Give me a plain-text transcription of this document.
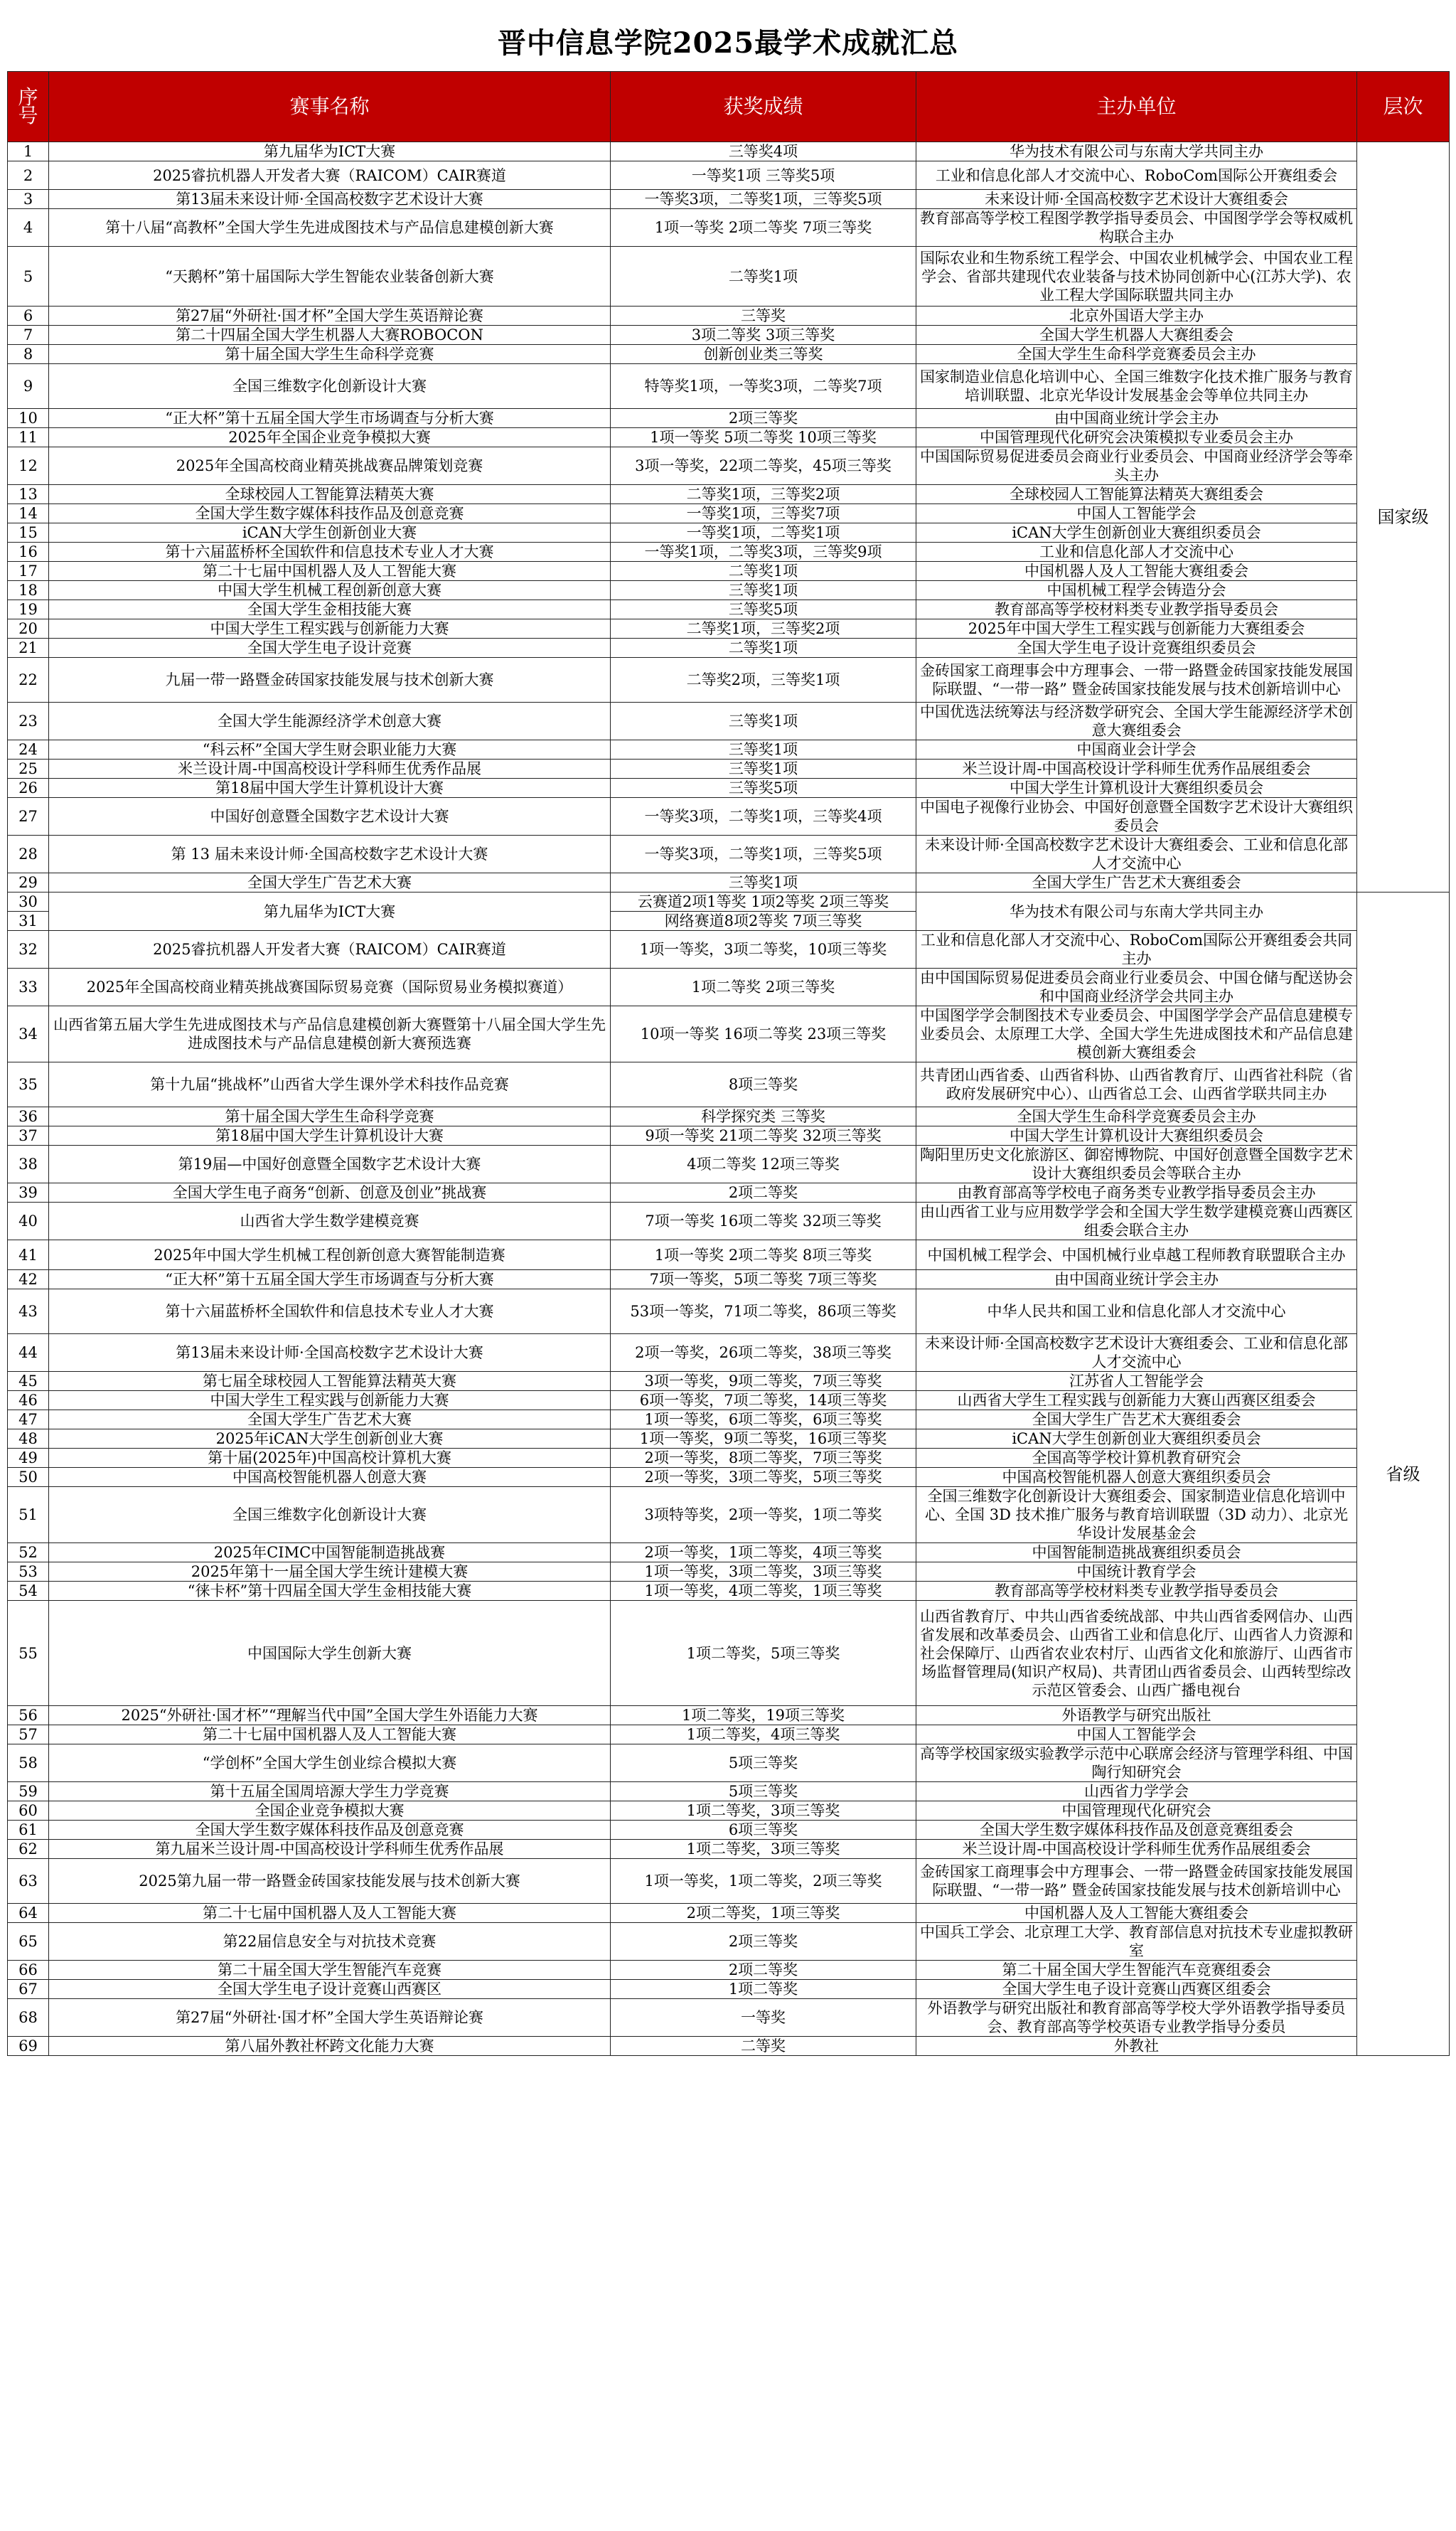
晋中信息学院2025最学术成就汇总
序号	赛事名称	获奖成绩	主办单位	层次
1	第九届华为ICT大赛	三等奖4项	华为技术有限公司与东南大学共同主办	国家级
2	2025睿抗机器人开发者大赛（RAICOM）CAIR赛道	一等奖1项 三等奖5项	工业和信息化部人才交流中心、RoboCom国际公开赛组委会	
3	第13届未来设计师·全国高校数字艺术设计大赛	一等奖3项，二等奖1项，三等奖5项	未来设计师·全国高校数字艺术设计大赛组委会	
4	第十八届“高教杯”全国大学生先进成图技术与产品信息建模创新大赛	1项一等奖 2项二等奖 7项三等奖	教育部高等学校工程图学教学指导委员会、中国图学学会等权威机构联合主办	
5	“天鹅杯”第十届国际大学生智能农业装备创新大赛	二等奖1项	国际农业和生物系统工程学会、中国农业机械学会、中国农业工程学会、省部共建现代农业装备与技术协同创新中心(江苏大学)、农业工程大学国际联盟共同主办	
6	第27届“外研社·国才杯”全国大学生英语辩论赛	三等奖	北京外国语大学主办	
7	第二十四届全国大学生机器人大赛ROBOCON	3项二等奖 3项三等奖	全国大学生机器人大赛组委会	
8	第十届全国大学生生命科学竞赛	创新创业类三等奖	全国大学生生命科学竞赛委员会主办	
9	全国三维数字化创新设计大赛	特等奖1项，一等奖3项，二等奖7项	国家制造业信息化培训中心、全国三维数字化技术推广服务与教育培训联盟、北京光华设计发展基金会等单位共同主办	
10	“正大杯”第十五届全国大学生市场调查与分析大赛	2项三等奖	由中国商业统计学会主办	
11	2025年全国企业竞争模拟大赛	1项一等奖 5项二等奖 10项三等奖	中国管理现代化研究会决策模拟专业委员会主办	
12	2025年全国高校商业精英挑战赛品牌策划竞赛	3项一等奖，22项二等奖，45项三等奖	中国国际贸易促进委员会商业行业委员会、中国商业经济学会等牵头主办	
13	全球校园人工智能算法精英大赛	二等奖1项，三等奖2项	全球校园人工智能算法精英大赛组委会	
14	全国大学生数字媒体科技作品及创意竞赛	一等奖1项，三等奖7项	中国人工智能学会	
15	iCAN大学生创新创业大赛	一等奖1项，二等奖1项	iCAN大学生创新创业大赛组织委员会	
16	第十六届蓝桥杯全国软件和信息技术专业人才大赛	一等奖1项，二等奖3项，三等奖9项	工业和信息化部人才交流中心	
17	第二十七届中国机器人及人工智能大赛	二等奖1项	中国机器人及人工智能大赛组委会	
18	中国大学生机械工程创新创意大赛	三等奖1项	中国机械工程学会铸造分会	
19	全国大学生金相技能大赛	三等奖5项	教育部高等学校材料类专业教学指导委员会	
20	中国大学生工程实践与创新能力大赛	二等奖1项，三等奖2项	2025年中国大学生工程实践与创新能力大赛组委会	
21	全国大学生电子设计竞赛	二等奖1项	全国大学生电子设计竞赛组织委员会	
22	九届一带一路暨金砖国家技能发展与技术创新大赛	二等奖2项，三等奖1项	金砖国家工商理事会中方理事会、一带一路暨金砖国家技能发展国际联盟、“一带一路” 暨金砖国家技能发展与技术创新培训中心	
23	全国大学生能源经济学术创意大赛	三等奖1项	中国优选法统筹法与经济数学研究会、全国大学生能源经济学术创意大赛组委会	
24	“科云杯”全国大学生财会职业能力大赛	三等奖1项	中国商业会计学会	
25	米兰设计周-中国高校设计学科师生优秀作品展	三等奖1项	米兰设计周-中国高校设计学科师生优秀作品展组委会	
26	第18届中国大学生计算机设计大赛	三等奖5项	中国大学生计算机设计大赛组织委员会	
27	中国好创意暨全国数字艺术设计大赛	一等奖3项，二等奖1项，三等奖4项	中国电子视像行业协会、中国好创意暨全国数字艺术设计大赛组织委员会	
28	第 13 届未来设计师·全国高校数字艺术设计大赛	一等奖3项，二等奖1项，三等奖5项	未来设计师·全国高校数字艺术设计大赛组委会、工业和信息化部人才交流中心	
29	全国大学生广告艺术大赛	三等奖1项	全国大学生广告艺术大赛组委会	
30	第九届华为ICT大赛	云赛道2项1等奖 1项2等奖 2项三等奖	华为技术有限公司与东南大学共同主办	省级
31		网络赛道8项2等奖 7项三等奖		
32	2025睿抗机器人开发者大赛（RAICOM）CAIR赛道	1项一等奖，3项二等奖，10项三等奖	工业和信息化部人才交流中心、RoboCom国际公开赛组委会共同主办	
33	2025年全国高校商业精英挑战赛国际贸易竞赛（国际贸易业务模拟赛道）	1项二等奖 2项三等奖	由中国国际贸易促进委员会商业行业委员会、中国仓储与配送协会和中国商业经济学会共同主办	
34	山西省第五届大学生先进成图技术与产品信息建模创新大赛暨第十八届全国大学生先进成图技术与产品信息建模创新大赛预选赛	10项一等奖 16项二等奖 23项三等奖	中国图学学会制图技术专业委员会、中国图学学会产品信息建模专业委员会、太原理工大学、全国大学生先进成图技术和产品信息建模创新大赛组委会	
35	第十九届“挑战杯”山西省大学生课外学术科技作品竞赛	8项三等奖	共青团山西省委、山西省科协、山西省教育厅、山西省社科院（省政府发展研究中心）、山西省总工会、山西省学联共同主办	
36	第十届全国大学生生命科学竞赛	科学探究类 三等奖	全国大学生生命科学竞赛委员会主办	
37	第18届中国大学生计算机设计大赛	9项一等奖 21项二等奖 32项三等奖	中国大学生计算机设计大赛组织委员会	
38	第19届—中国好创意暨全国数字艺术设计大赛	4项二等奖 12项三等奖	陶阳里历史文化旅游区、御窑博物院、中国好创意暨全国数字艺术设计大赛组织委员会等联合主办	
39	全国大学生电子商务“创新、创意及创业”挑战赛	2项二等奖	由教育部高等学校电子商务类专业教学指导委员会主办	
40	山西省大学生数学建模竞赛	7项一等奖 16项二等奖 32项三等奖	由山西省工业与应用数学学会和全国大学生数学建模竞赛山西赛区组委会联合主办	
41	2025年中国大学生机械工程创新创意大赛智能制造赛	1项一等奖 2项二等奖 8项三等奖	中国机械工程学会、中国机械行业卓越工程师教育联盟联合主办	
42	“正大杯”第十五届全国大学生市场调查与分析大赛	7项一等奖，5项二等奖 7项三等奖	由中国商业统计学会主办	
43	第十六届蓝桥杯全国软件和信息技术专业人才大赛	53项一等奖，71项二等奖，86项三等奖	中华人民共和国工业和信息化部人才交流中心	
44	第13届未来设计师·全国高校数字艺术设计大赛	2项一等奖，26项二等奖，38项三等奖	未来设计师·全国高校数字艺术设计大赛组委会、工业和信息化部人才交流中心	
45	第七届全球校园人工智能算法精英大赛	3项一等奖，9项二等奖，7项三等奖	江苏省人工智能学会	
46	中国大学生工程实践与创新能力大赛	6项一等奖，7项二等奖，14项三等奖	山西省大学生工程实践与创新能力大赛山西赛区组委会	
47	全国大学生广告艺术大赛	1项一等奖，6项二等奖，6项三等奖	全国大学生广告艺术大赛组委会	
48	2025年iCAN大学生创新创业大赛	1项一等奖，9项二等奖，16项三等奖	iCAN大学生创新创业大赛组织委员会	
49	第十届(2025年)中国高校计算机大赛	2项一等奖，8项二等奖，7项三等奖	全国高等学校计算机教育研究会	
50	中国高校智能机器人创意大赛	2项一等奖，3项二等奖，5项三等奖	中国高校智能机器人创意大赛组织委员会	
51	全国三维数字化创新设计大赛	3项特等奖，2项一等奖，1项二等奖	全国三维数字化创新设计大赛组委会、国家制造业信息化培训中心、全国 3D 技术推广服务与教育培训联盟（3D 动力）、北京光华设计发展基金会	
52	2025年CIMC中国智能制造挑战赛	2项一等奖，1项二等奖，4项三等奖	中国智能制造挑战赛组织委员会	
53	2025年第十一届全国大学生统计建模大赛	1项一等奖，3项二等奖，3项三等奖	中国统计教育学会	
54	“徕卡杯”第十四届全国大学生金相技能大赛	1项一等奖，4项二等奖，1项三等奖	教育部高等学校材料类专业教学指导委员会	
55	中国国际大学生创新大赛	1项二等奖，5项三等奖	山西省教育厅、中共山西省委统战部、中共山西省委网信办、山西省发展和改革委员会、山西省工业和信息化厅、山西省人力资源和社会保障厅、山西省农业农村厅、山西省文化和旅游厅、山西省市场监督管理局(知识产权局)、共青团山西省委员会、山西转型综改示范区管委会、山西广播电视台	
56	2025“外研社·国才杯”“理解当代中国”全国大学生外语能力大赛	1项二等奖，19项三等奖	外语教学与研究出版社	
57	第二十七届中国机器人及人工智能大赛	1项二等奖，4项三等奖	中国人工智能学会	
58	“学创杯”全国大学生创业综合模拟大赛	5项三等奖	高等学校国家级实验教学示范中心联席会经济与管理学科组、中国陶行知研究会	
59	第十五届全国周培源大学生力学竞赛	5项三等奖	山西省力学学会	
60	全国企业竞争模拟大赛	1项二等奖，3项三等奖	中国管理现代化研究会	
61	全国大学生数字媒体科技作品及创意竞赛	6项三等奖	全国大学生数字媒体科技作品及创意竞赛组委会	
62	第九届米兰设计周-中国高校设计学科师生优秀作品展	1项二等奖，3项三等奖	米兰设计周-中国高校设计学科师生优秀作品展组委会	
63	2025第九届一带一路暨金砖国家技能发展与技术创新大赛	1项一等奖，1项二等奖，2项三等奖	金砖国家工商理事会中方理事会、一带一路暨金砖国家技能发展国际联盟、“一带一路” 暨金砖国家技能发展与技术创新培训中心	
64	第二十七届中国机器人及人工智能大赛	2项二等奖，1项三等奖	中国机器人及人工智能大赛组委会	
65	第22届信息安全与对抗技术竞赛	2项三等奖	中国兵工学会、北京理工大学、教育部信息对抗技术专业虚拟教研室	
66	第二十届全国大学生智能汽车竞赛	2项二等奖	第二十届全国大学生智能汽车竞赛组委会	
67	全国大学生电子设计竞赛山西赛区	1项二等奖	全国大学生电子设计竞赛山西赛区组委会	
68	第27届“外研社·国才杯”全国大学生英语辩论赛	一等奖	外语教学与研究出版社和教育部高等学校大学外语教学指导委员会、教育部高等学校英语专业教学指导分委员	
69	第八届外教社杯跨文化能力大赛	二等奖	外教社	
